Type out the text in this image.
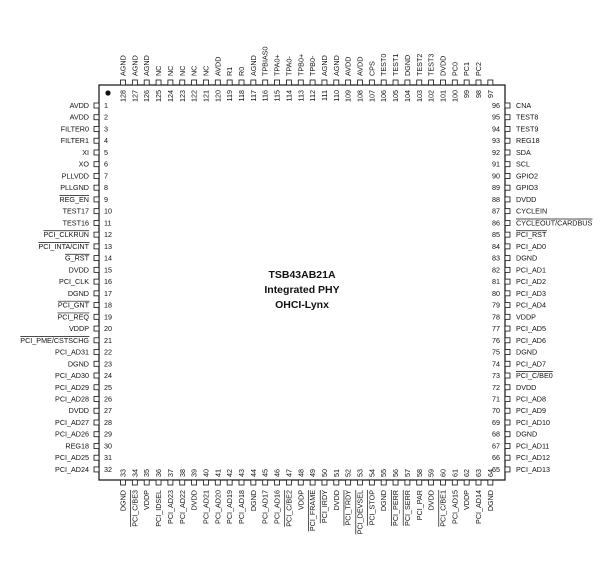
TSB43AB21A
Integrated PHY
OHCI-Lynx
1
AVDD
2
AVDD
3
FILTER0
4
FILTER1
5
XI
6
XO
7
PLLVDD
8
PLLGND
9
REG_EN
10
TEST17
11
TEST16
12
PCI_CLKRUN
13
PCI_INTA/CINT
14
G_RST
15
DVDD
16
PCI_CLK
17
DGND
18
PCI_GNT
19
PCI_REQ
20
VDDP
21
PCI_PME/CSTSCHG
22
PCI_AD31
23
DGND
24
PCI_AD30
25
PCI_AD29
26
PCI_AD28
27
DVDD
28
PCI_AD27
29
PCI_AD26
30
REG18
31
PCI_AD25
32
PCI_AD24
96 CNA
95 TEST8
94 TEST9
93 REG18
92 SDA
91 SCL
90 GPIO2
89 GPIO3
88 DVDD
87 CYCLEIN
86 CYCLEOUT/CARDBUS
85 PCI_RST
84 PCI_AD0
83 DGND
82 PCI_AD1
81 PCI_AD2
80 PCI_AD3
79 PCI_AD4
78 VDDP
77 PCI_AD5
76 PCI_AD6
75 DGND
74 PCI_AD7
73 PCI_C/BE0
72 DVDD
71 PCI_AD8
70 PCI_AD9
69 PCI_AD10
68 DGND
67 PCI_AD11
66 PCI_AD12
65 PCI_AD13
128
AGND
127
AGND
126
AGND
125
NC
124
NC
123
NC
122
NC
121
NC
120
AVDD
119
R1
118
R0
117
AGND
116
TPBIAS0
115
TPA0+
114
TPA0-
113
TPB0+
112
TPB0-
111
AGND
110
AGND
109
AVDD
108
AVDD
107
CPS
106
TEST0
105
TEST1
104
DGND
103
TEST2
102
TEST3
101
DVDD
100
PC0
99
PC1
98
PC2
97
33
DGND
34
PCI_C/BE3
35
VDDP
36
PCI_IDSEL
37
PCI_AD23
38
PCI_AD22
39
DVDD
40
PCI_AD21
41
PCI_AD20
42
PCI_AD19
43
PCI_AD18
44
DGND
45
PCI_AD17
46
PCI_AD16
47
PCI_C/BE2
48
VDDP
49
PCI_FRAME
50
PCI_IRDY
51
DVDD
52
PCI_TRDY
53
PCI_DEVSEL
54
PCI_STOP
55
DGND
56
PCI_PERR
57
PCI_SERR
58
PCI_PAR
59
DVDD
60
PCI_C/BE1
61
PCI_AD15
62
VDDP
63
PCI_AD14
64
DGND
